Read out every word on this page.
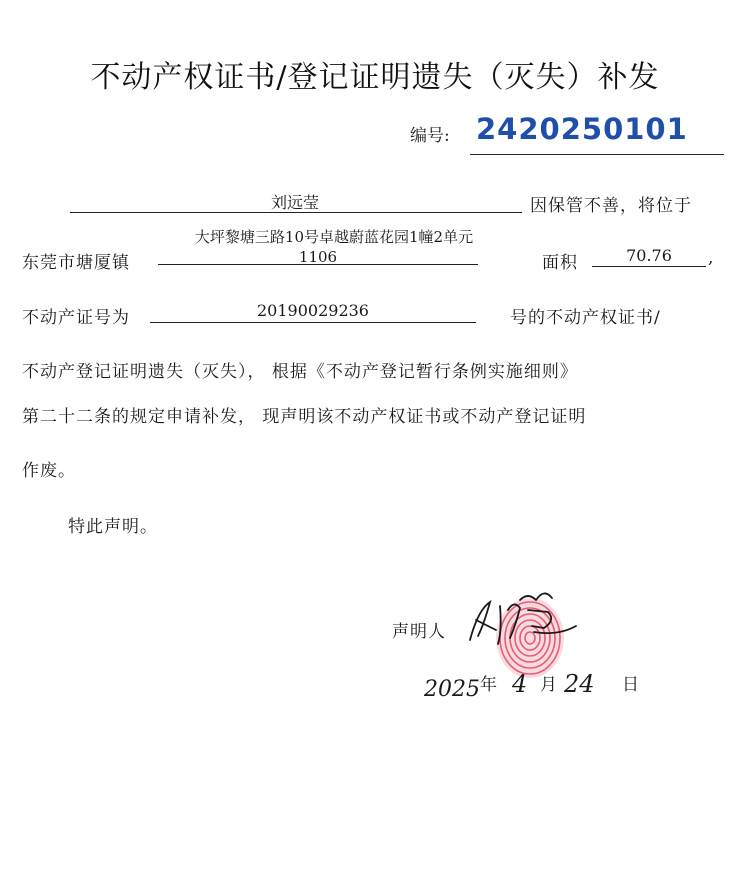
不动产权证书/登记证明遗失（灭失）补发
编号: 2420250101
刘远莹	因保管不善，将位于
东莞市塘厦镇
大坪黎塘三路10号卓越蔚蓝花园1幢2单元
1106	面积	70.76	,
不动产证号为	20190029236	号的不动产权证书/
不动产登记证明遗失（灭失）， 根据《不动产登记暂行条例实施细则》
第二十二条的规定申请补发， 现声明该不动产权证书或不动产登记证明
作废。
特此声明。
声明人
2025 年 4 月 24 日
